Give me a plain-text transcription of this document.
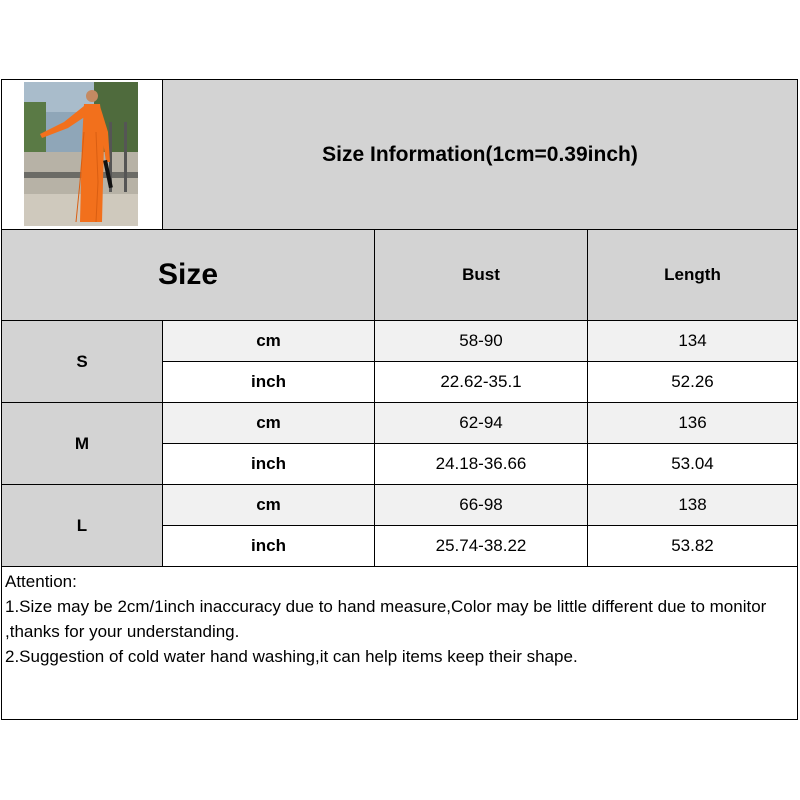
Size Information(1cm=0.39inch)
Size	Bust	Length
S
cm	58-90	134
inch	22.62-35.1	52.26
M
cm	62-94	136
inch	24.18-36.66	53.04
L
cm	66-98	138
inch	25.74-38.22	53.82

Attention:

1.Size may be 2cm/1inch inaccuracy due to hand measure,Color may be little different due to monitor ,thanks for your understanding.

2.Suggestion of cold water hand washing,it can help items keep their shape.
